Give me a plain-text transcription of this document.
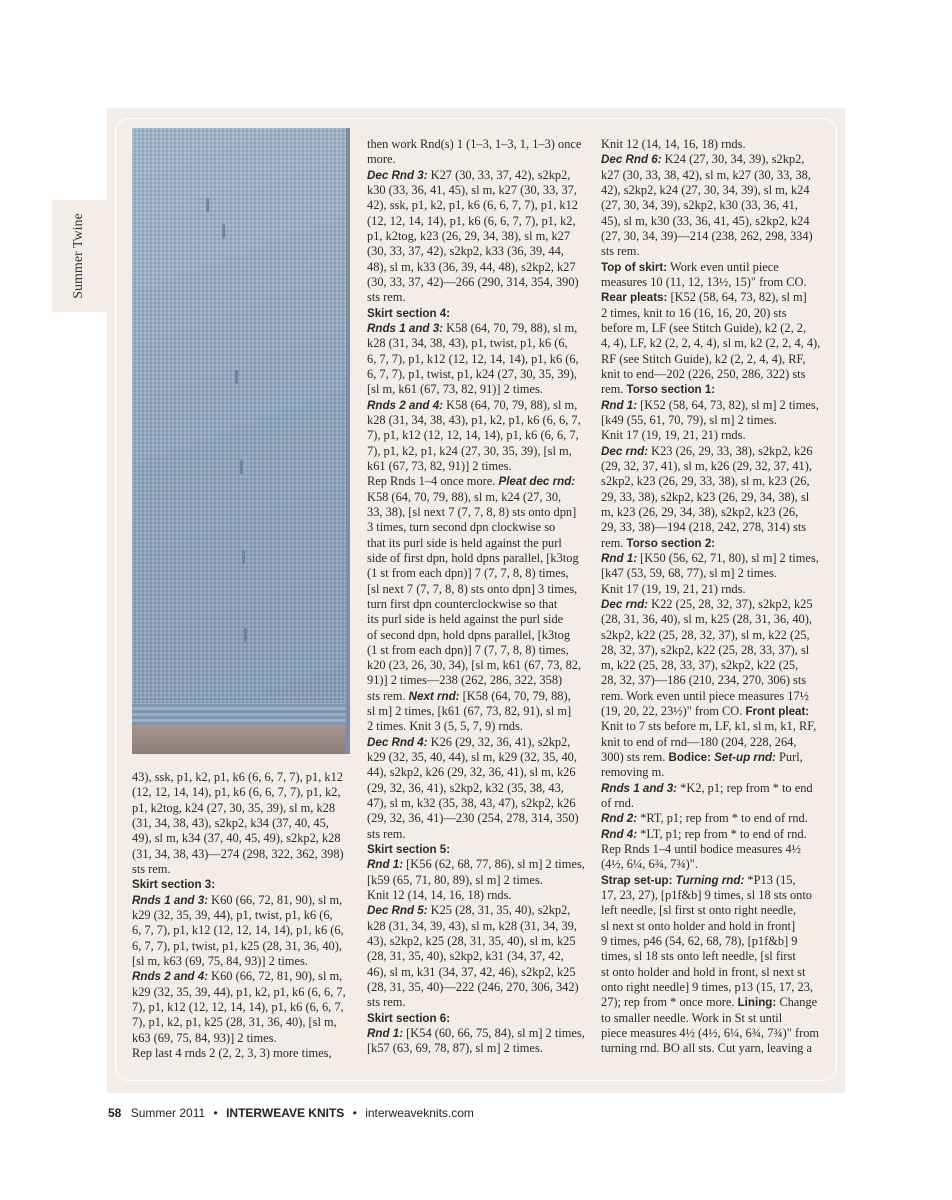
Summer Twine
43), ssk, p1, k2, p1, k6 (6, 6, 7, 7), p1, k12
(12, 12, 14, 14), p1, k6 (6, 6, 7, 7), p1, k2,
p1, k2tog, k24 (27, 30, 35, 39), sl m, k28
(31, 34, 38, 43), s2kp2, k34 (37, 40, 45,
49), sl m, k34 (37, 40, 45, 49), s2kp2, k28
(31, 34, 38, 43)—274 (298, 322, 362, 398)
sts rem.
Skirt section 3:
Rnds 1 and 3: K60 (66, 72, 81, 90), sl m,
k29 (32, 35, 39, 44), p1, twist, p1, k6 (6,
6, 7, 7), p1, k12 (12, 12, 14, 14), p1, k6 (6,
6, 7, 7), p1, twist, p1, k25 (28, 31, 36, 40),
[sl m, k63 (69, 75, 84, 93)] 2 times.
Rnds 2 and 4: K60 (66, 72, 81, 90), sl m,
k29 (32, 35, 39, 44), p1, k2, p1, k6 (6, 6, 7,
7), p1, k12 (12, 12, 14, 14), p1, k6 (6, 6, 7,
7), p1, k2, p1, k25 (28, 31, 36, 40), [sl m,
k63 (69, 75, 84, 93)] 2 times.
Rep last 4 rnds 2 (2, 2, 3, 3) more times,
then work Rnd(s) 1 (1–3, 1–3, 1, 1–3) once
more.
Dec Rnd 3: K27 (30, 33, 37, 42), s2kp2,
k30 (33, 36, 41, 45), sl m, k27 (30, 33, 37,
42), ssk, p1, k2, p1, k6 (6, 6, 7, 7), p1, k12
(12, 12, 14, 14), p1, k6 (6, 6, 7, 7), p1, k2,
p1, k2tog, k23 (26, 29, 34, 38), sl m, k27
(30, 33, 37, 42), s2kp2, k33 (36, 39, 44,
48), sl m, k33 (36, 39, 44, 48), s2kp2, k27
(30, 33, 37, 42)—266 (290, 314, 354, 390)
sts rem.
Skirt section 4:
Rnds 1 and 3: K58 (64, 70, 79, 88), sl m,
k28 (31, 34, 38, 43), p1, twist, p1, k6 (6,
6, 7, 7), p1, k12 (12, 12, 14, 14), p1, k6 (6,
6, 7, 7), p1, twist, p1, k24 (27, 30, 35, 39),
[sl m, k61 (67, 73, 82, 91)] 2 times.
Rnds 2 and 4: K58 (64, 70, 79, 88), sl m,
k28 (31, 34, 38, 43), p1, k2, p1, k6 (6, 6, 7,
7), p1, k12 (12, 12, 14, 14), p1, k6 (6, 6, 7,
7), p1, k2, p1, k24 (27, 30, 35, 39), [sl m,
k61 (67, 73, 82, 91)] 2 times.
Rep Rnds 1–4 once more. Pleat dec rnd:
K58 (64, 70, 79, 88), sl m, k24 (27, 30,
33, 38), [sl next 7 (7, 7, 8, 8) sts onto dpn]
3 times, turn second dpn clockwise so
that its purl side is held against the purl
side of first dpn, hold dpns parallel, [k3tog
(1 st from each dpn)] 7 (7, 7, 8, 8) times,
[sl next 7 (7, 7, 8, 8) sts onto dpn] 3 times,
turn first dpn counterclockwise so that
its purl side is held against the purl side
of second dpn, hold dpns parallel, [k3tog
(1 st from each dpn)] 7 (7, 7, 8, 8) times,
k20 (23, 26, 30, 34), [sl m, k61 (67, 73, 82,
91)] 2 times—238 (262, 286, 322, 358)
sts rem. Next rnd: [K58 (64, 70, 79, 88),
sl m] 2 times, [k61 (67, 73, 82, 91), sl m]
2 times. Knit 3 (5, 5, 7, 9) rnds.
Dec Rnd 4: K26 (29, 32, 36, 41), s2kp2,
k29 (32, 35, 40, 44), sl m, k29 (32, 35, 40,
44), s2kp2, k26 (29, 32, 36, 41), sl m, k26
(29, 32, 36, 41), s2kp2, k32 (35, 38, 43,
47), sl m, k32 (35, 38, 43, 47), s2kp2, k26
(29, 32, 36, 41)—230 (254, 278, 314, 350)
sts rem.
Skirt section 5:
Rnd 1: [K56 (62, 68, 77, 86), sl m] 2 times,
[k59 (65, 71, 80, 89), sl m] 2 times.
Knit 12 (14, 14, 16, 18) rnds.
Dec Rnd 5: K25 (28, 31, 35, 40), s2kp2,
k28 (31, 34, 39, 43), sl m, k28 (31, 34, 39,
43), s2kp2, k25 (28, 31, 35, 40), sl m, k25
(28, 31, 35, 40), s2kp2, k31 (34, 37, 42,
46), sl m, k31 (34, 37, 42, 46), s2kp2, k25
(28, 31, 35, 40)—222 (246, 270, 306, 342)
sts rem.
Skirt section 6:
Rnd 1: [K54 (60, 66, 75, 84), sl m] 2 times,
[k57 (63, 69, 78, 87), sl m] 2 times.
Knit 12 (14, 14, 16, 18) rnds.
Dec Rnd 6: K24 (27, 30, 34, 39), s2kp2,
k27 (30, 33, 38, 42), sl m, k27 (30, 33, 38,
42), s2kp2, k24 (27, 30, 34, 39), sl m, k24
(27, 30, 34, 39), s2kp2, k30 (33, 36, 41,
45), sl m, k30 (33, 36, 41, 45), s2kp2, k24
(27, 30, 34, 39)—214 (238, 262, 298, 334)
sts rem.
Top of skirt: Work even until piece
measures 10 (11, 12, 13½, 15)" from CO.
Rear pleats: [K52 (58, 64, 73, 82), sl m]
2 times, knit to 16 (16, 16, 20, 20) sts
before m, LF (see Stitch Guide), k2 (2, 2,
4, 4), LF, k2 (2, 2, 4, 4), sl m, k2 (2, 2, 4, 4),
RF (see Stitch Guide), k2 (2, 2, 4, 4), RF,
knit to end—202 (226, 250, 286, 322) sts
rem. Torso section 1:
Rnd 1: [K52 (58, 64, 73, 82), sl m] 2 times,
[k49 (55, 61, 70, 79), sl m] 2 times.
Knit 17 (19, 19, 21, 21) rnds.
Dec rnd: K23 (26, 29, 33, 38), s2kp2, k26
(29, 32, 37, 41), sl m, k26 (29, 32, 37, 41),
s2kp2, k23 (26, 29, 33, 38), sl m, k23 (26,
29, 33, 38), s2kp2, k23 (26, 29, 34, 38), sl
m, k23 (26, 29, 34, 38), s2kp2, k23 (26,
29, 33, 38)—194 (218, 242, 278, 314) sts
rem. Torso section 2:
Rnd 1: [K50 (56, 62, 71, 80), sl m] 2 times,
[k47 (53, 59, 68, 77), sl m] 2 times.
Knit 17 (19, 19, 21, 21) rnds.
Dec rnd: K22 (25, 28, 32, 37), s2kp2, k25
(28, 31, 36, 40), sl m, k25 (28, 31, 36, 40),
s2kp2, k22 (25, 28, 32, 37), sl m, k22 (25,
28, 32, 37), s2kp2, k22 (25, 28, 33, 37), sl
m, k22 (25, 28, 33, 37), s2kp2, k22 (25,
28, 32, 37)—186 (210, 234, 270, 306) sts
rem. Work even until piece measures 17½
(19, 20, 22, 23½)" from CO. Front pleat:
Knit to 7 sts before m, LF, k1, sl m, k1, RF,
knit to end of rnd—180 (204, 228, 264,
300) sts rem. Bodice: Set-up rnd: Purl,
removing m.
Rnds 1 and 3: *K2, p1; rep from * to end
of rnd.
Rnd 2: *RT, p1; rep from * to end of rnd.
Rnd 4: *LT, p1; rep from * to end of rnd.
Rep Rnds 1–4 until bodice measures 4½
(4½, 6¼, 6¾, 7¾)".
Strap set-up: Turning rnd: *P13 (15,
17, 23, 27), [p1f&b] 9 times, sl 18 sts onto
left needle, [sl first st onto right needle,
sl next st onto holder and hold in front]
9 times, p46 (54, 62, 68, 78), [p1f&b] 9
times, sl 18 sts onto left needle, [sl first
st onto holder and hold in front, sl next st
onto right needle] 9 times, p13 (15, 17, 23,
27); rep from * once more. Lining: Change
to smaller needle. Work in St st until
piece measures 4½ (4½, 6¼, 6¾, 7¾)" from
turning rnd. BO all sts. Cut yarn, leaving a
58 Summer 2011 • INTERWEAVE KNITS • interweaveknits.com
